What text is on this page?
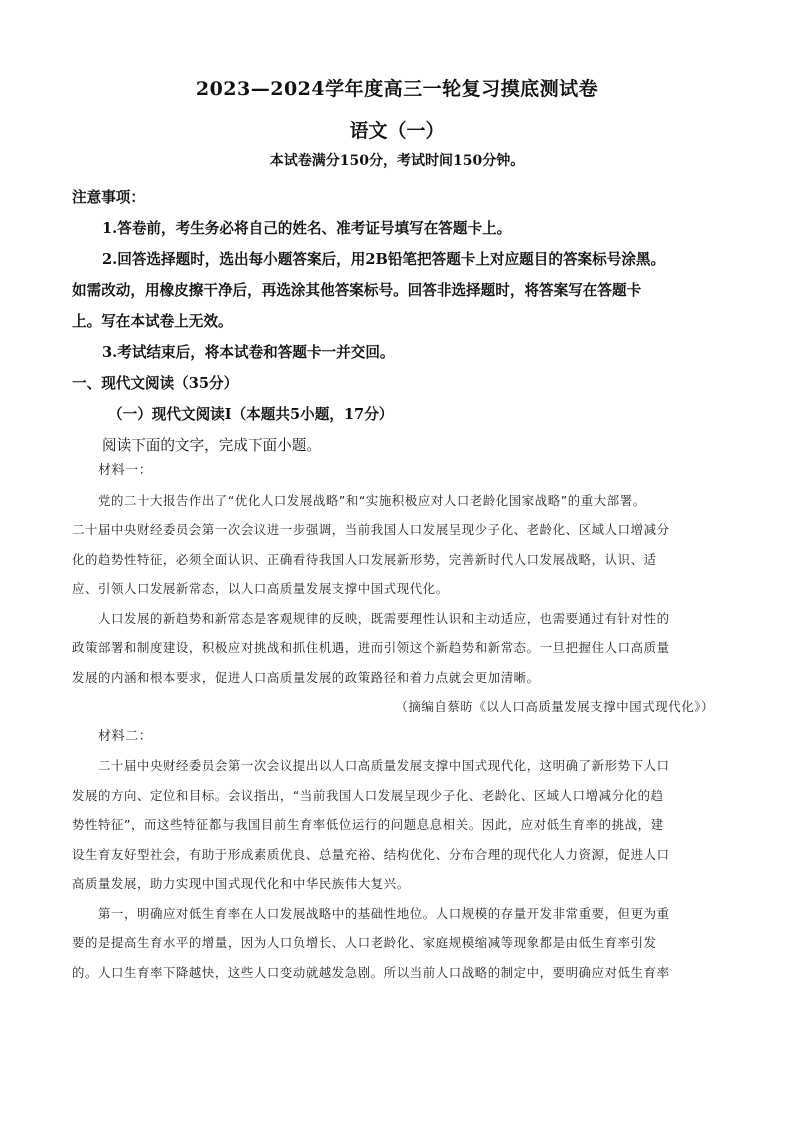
2023—2024学年度高三一轮复习摸底测试卷
语文（一）
本试卷满分150分，考试时间150分钟。
注意事项：
1.答卷前，考生务必将自己的姓名、准考证号填写在答题卡上。
2.回答选择题时，选出每小题答案后，用2B铅笔把答题卡上对应题目的答案标号涂黑。
如需改动，用橡皮擦干净后，再选涂其他答案标号。回答非选择题时，将答案写在答题卡
上。写在本试卷上无效。
3.考试结束后，将本试卷和答题卡一并交回。
一、现代文阅读（35分）
（一）现代文阅读Ⅰ（本题共5小题，17分）
阅读下面的文字，完成下面小题。
材料一：
党的二十大报告作出了“优化人口发展战略”和“实施积极应对人口老龄化国家战略”的重大部署。
二十届中央财经委员会第一次会议进一步强调，当前我国人口发展呈现少子化、老龄化、区域人口增减分
化的趋势性特征，必须全面认识、正确看待我国人口发展新形势，完善新时代人口发展战略，认识、适
应、引领人口发展新常态，以人口高质量发展支撑中国式现代化。
人口发展的新趋势和新常态是客观规律的反映，既需要理性认识和主动适应，也需要通过有针对性的
政策部署和制度建设，积极应对挑战和抓住机遇，进而引领这个新趋势和新常态。一旦把握住人口高质量
发展的内涵和根本要求，促进人口高质量发展的政策路径和着力点就会更加清晰。
（摘编自蔡昉《以人口高质量发展支撑中国式现代化》）
材料二：
二十届中央财经委员会第一次会议提出以人口高质量发展支撑中国式现代化，这明确了新形势下人口
发展的方向、定位和目标。会议指出，“当前我国人口发展呈现少子化、老龄化、区域人口增减分化的趋
势性特征”，而这些特征都与我国目前生育率低位运行的问题息息相关。因此，应对低生育率的挑战，建
设生育友好型社会，有助于形成素质优良、总量充裕、结构优化、分布合理的现代化人力资源，促进人口
高质量发展，助力实现中国式现代化和中华民族伟大复兴。
第一，明确应对低生育率在人口发展战略中的基础性地位。人口规模的存量开发非常重要，但更为重
要的是提高生育水平的增量，因为人口负增长、人口老龄化、家庭规模缩减等现象都是由低生育率引发
的。人口生育率下降越快，这些人口变动就越发急剧。所以当前人口战略的制定中，要明确应对低生育率
